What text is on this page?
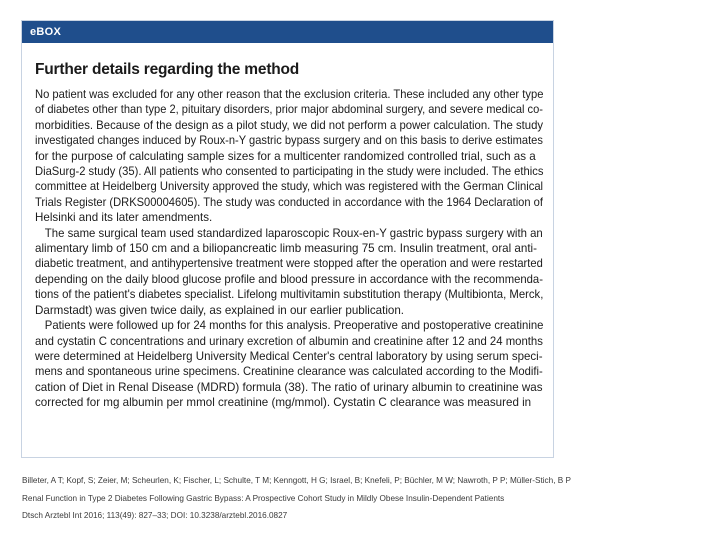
eBOX
Further details regarding the method
No patient was excluded for any other reason that the exclusion criteria. These included any other type
of diabetes other than type 2, pituitary disorders, prior major abdominal surgery, and severe medical co-
morbidities. Because of the design as a pilot study, we did not perform a power calculation. The study
investigated changes induced by Roux-n-Y gastric bypass surgery and on this basis to derive estimates
for the purpose of calculating sample sizes for a multicenter randomized controlled trial, such as a
DiaSurg-2 study (35). All patients who consented to participating in the study were included. The ethics
committee at Heidelberg University approved the study, which was registered with the German Clinical
Trials Register (DRKS00004605). The study was conducted in accordance with the 1964 Declaration of
Helsinki and its later amendments.
The same surgical team used standardized laparoscopic Roux-en-Y gastric bypass surgery with an
alimentary limb of 150 cm and a biliopancreatic limb measuring 75 cm. Insulin treatment, oral anti-
diabetic treatment, and antihypertensive treatment were stopped after the operation and were restarted
depending on the daily blood glucose profile and blood pressure in accordance with the recommenda-
tions of the patient's diabetes specialist. Lifelong multivitamin substitution therapy (Multibionta, Merck,
Darmstadt) was given twice daily, as explained in our earlier publication.
Patients were followed up for 24 months for this analysis. Preoperative and postoperative creatinine
and cystatin C concentrations and urinary excretion of albumin and creatinine after 12 and 24 months
were determined at Heidelberg University Medical Center's central laboratory by using serum speci-
mens and spontaneous urine specimens. Creatinine clearance was calculated according to the Modifi-
cation of Diet in Renal Disease (MDRD) formula (38). The ratio of urinary albumin to creatinine was
corrected for mg albumin per mmol creatinine (mg/mmol). Cystatin C clearance was measured in
Billeter, A T; Kopf, S; Zeier, M; Scheurlen, K; Fischer, L; Schulte, T M; Kenngott, H G; Israel, B; Knefeli, P; Büchler, M W; Nawroth, P P; Müller-Stich, B P
Renal Function in Type 2 Diabetes Following Gastric Bypass: A Prospective Cohort Study in Mildly Obese Insulin-Dependent Patients
Dtsch Arztebl Int 2016; 113(49): 827–33; DOI: 10.3238/arztebl.2016.0827
